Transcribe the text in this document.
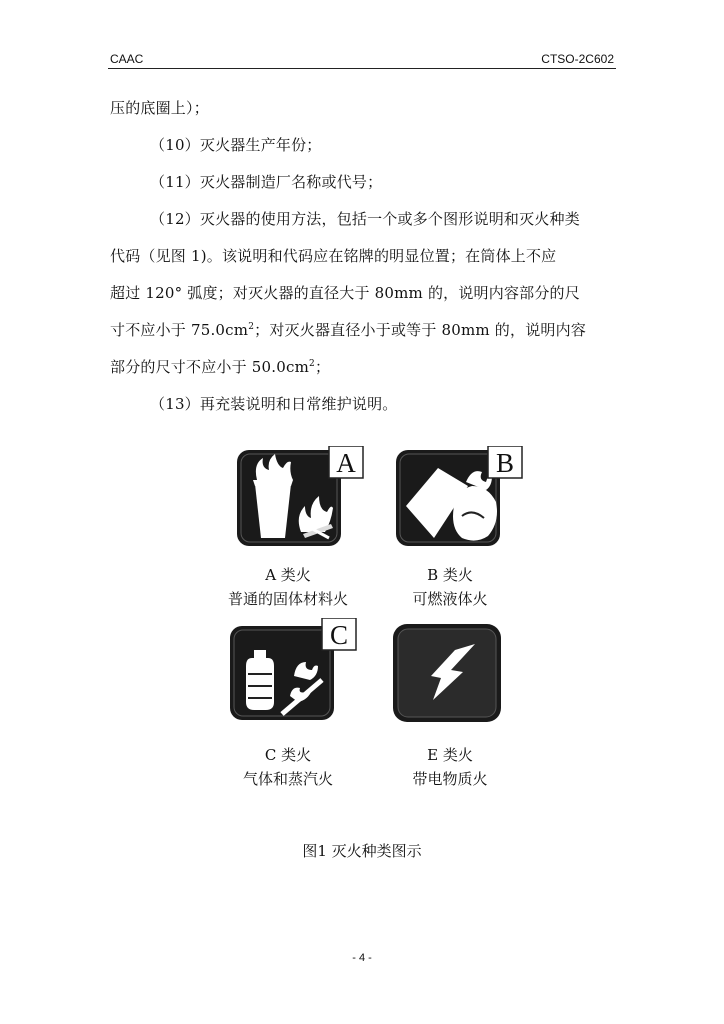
CAAC	CTSO-2C602
压的底圈上）；
（10）灭火器生产年份；
（11）灭火器制造厂名称或代号；
（12）灭火器的使用方法，包括一个或多个图形说明和灭火种类
代码（见图 1)。该说明和代码应在铭牌的明显位置；在筒体上不应
超过 120° 弧度；对灭火器的直径大于 80mm 的，说明内容部分的尺
寸不应小于 $75.0cm^2$；对灭火器直径小于或等于 80mm 的，说明内容
部分的尺寸不应小于 $50.0cm^2$；
（13）再充装说明和日常维护说明。
A	B
A 类火
普通的固体材料火
B 类火
可燃液体火
C
C 类火
气体和蒸汽火
E 类火
带电物质火
图1 灭火种类图示
- 4 -
